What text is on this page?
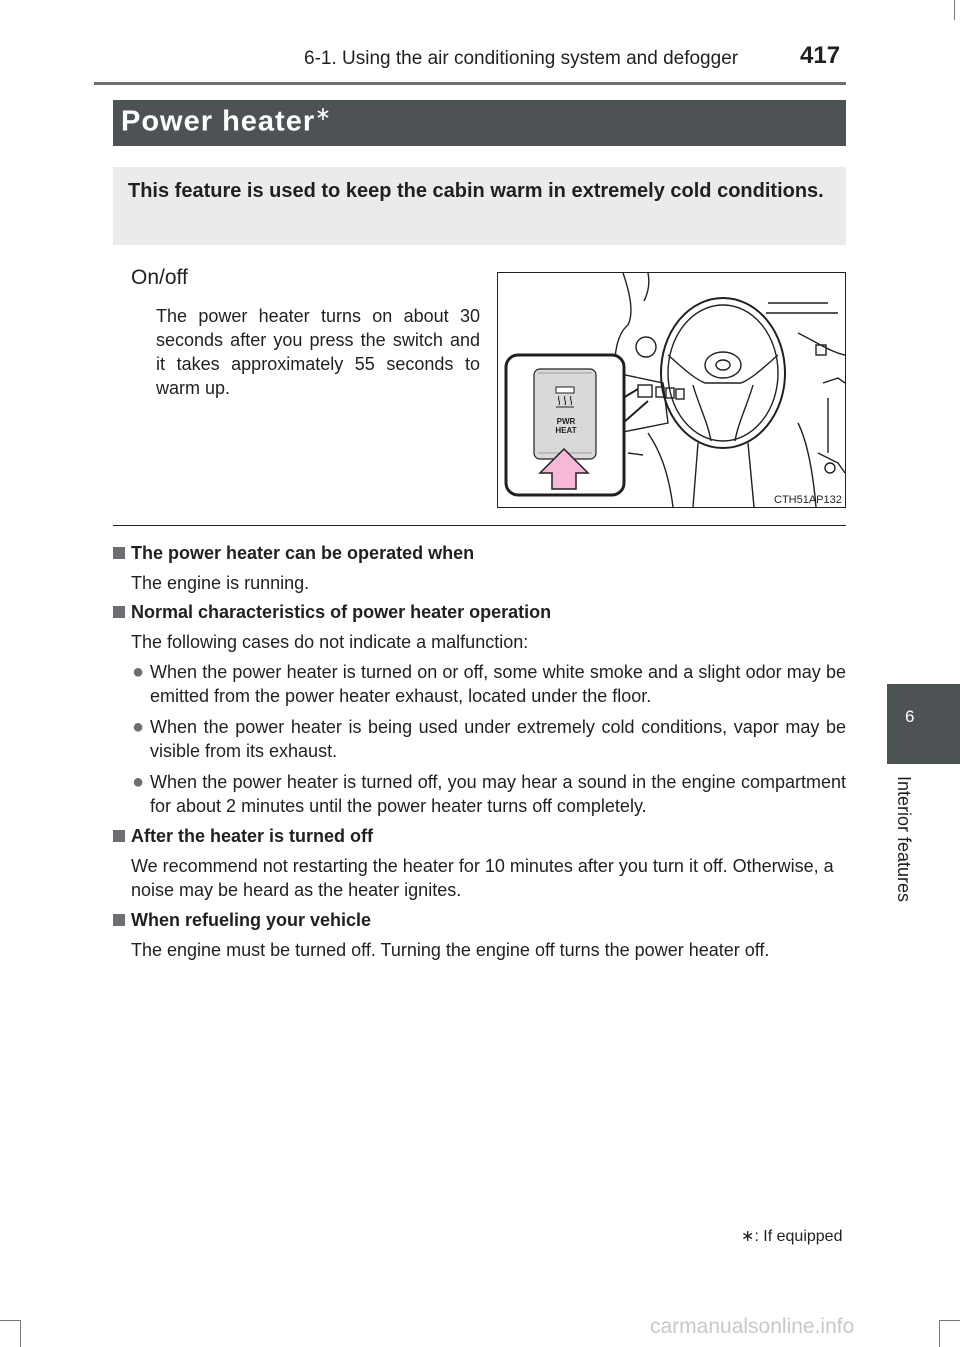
6-1. Using the air conditioning system and defogger	417
Power heater∗
This feature is used to keep the cabin warm in extremely cold conditions.
On/off
The power heater turns on about 30 seconds after you press the switch and it takes approximately 55 seconds to warm up.
PWR
HEAT
CTH51AP132
The power heater can be operated when
The engine is running.
Normal characteristics of power heater operation
The following cases do not indicate a malfunction:
● When the power heater is turned on or off, some white smoke and a slight odor may be emitted from the power heater exhaust, located under the floor.
● When the power heater is being used under extremely cold conditions, vapor may be visible from its exhaust.
● When the power heater is turned off, you may hear a sound in the engine compartment for about 2 minutes until the power heater turns off completely.
After the heater is turned off
We recommend not restarting the heater for 10 minutes after you turn it off. Otherwise, a noise may be heard as the heater ignites.
When refueling your vehicle
The engine must be turned off. Turning the engine off turns the power heater off.
6
Interior features
∗: If equipped
carmanualsonline.info
